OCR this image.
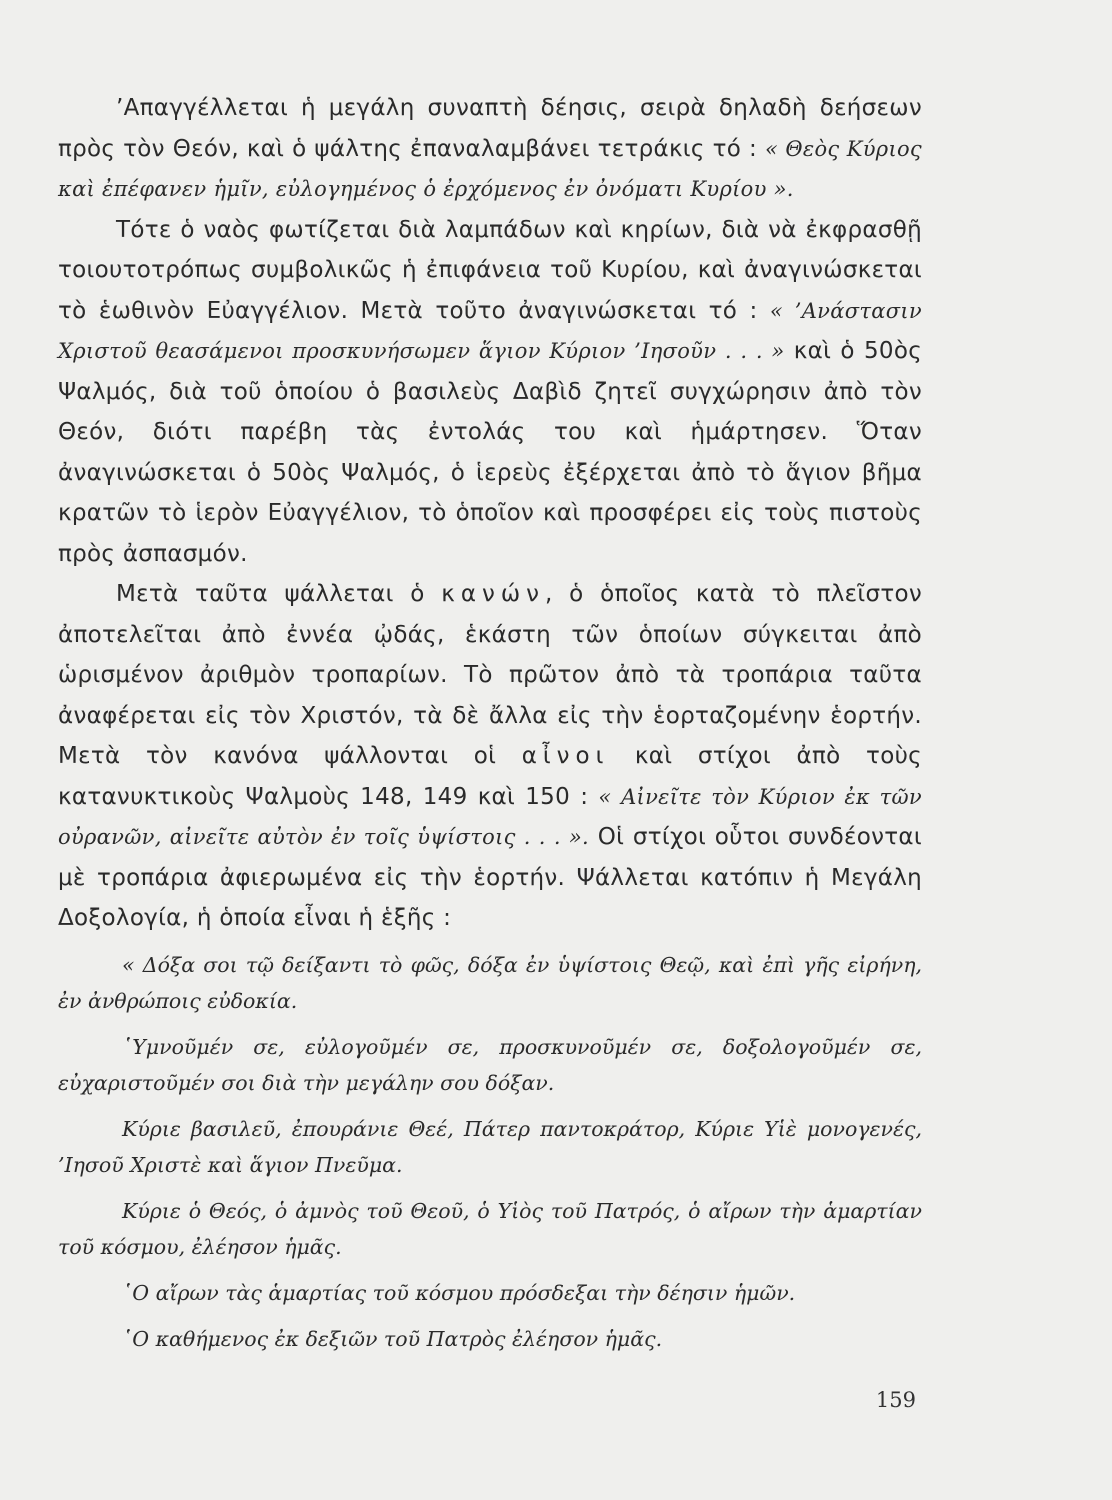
’Απαγγέλλεται ἡ μεγάλη συναπτὴ δέησις, σειρὰ δηλαδὴ δεήσεων πρὸς τὸν Θεόν, καὶ ὁ ψάλτης ἐπαναλαμβάνει τετράκις τό : « Θεὸς Κύριος καὶ ἐπέφανεν ἡμῖν, εὐλογημένος ὁ ἐρχόμενος ἐν ὀνόματι Κυρίου ».

Τότε ὁ ναὸς φωτίζεται διὰ λαμπάδων καὶ κηρίων, διὰ νὰ ἐκφρασθῇ τοιουτοτρόπως συμβολικῶς ἡ ἐπιφάνεια τοῦ Κυρίου, καὶ ἀναγινώσκεται τὸ ἑωθινὸν Εὐαγγέλιον. Μετὰ τοῦτο ἀναγινώσκεται τό : « ’Ανάστασιν Χριστοῦ θεασάμενοι προσκυνήσωμεν ἅγιον Κύριον ’Ιησοῦν . . . » καὶ ὁ 50ὸς Ψαλμός, διὰ τοῦ ὁποίου ὁ βασιλεὺς Δαβὶδ ζητεῖ συγχώρησιν ἀπὸ τὸν Θεόν, διότι παρέβη τὰς ἐντολάς του καὶ ἡμάρτησεν. Ὅταν ἀναγινώσκεται ὁ 50ὸς Ψαλμός, ὁ ἱερεὺς ἐξέρχεται ἀπὸ τὸ ἅγιον βῆμα κρατῶν τὸ ἱερὸν Εὐαγγέλιον, τὸ ὁποῖον καὶ προσφέρει εἰς τοὺς πιστοὺς πρὸς ἀσπασμόν.

Μετὰ ταῦτα ψάλλεται ὁ κανών, ὁ ὁποῖος κατὰ τὸ πλεῖστον ἀποτελεῖται ἀπὸ ἐννέα ᾠδάς, ἑκάστη τῶν ὁποίων σύγκειται ἀπὸ ὡρισμένον ἀριθμὸν τροπαρίων. Τὸ πρῶτον ἀπὸ τὰ τροπάρια ταῦτα ἀναφέρεται εἰς τὸν Χριστόν, τὰ δὲ ἄλλα εἰς τὴν ἑορταζομένην ἑορτήν. Μετὰ τὸν κανόνα ψάλλονται οἱ αἶνοι καὶ στίχοι ἀπὸ τοὺς κατανυκτικοὺς Ψαλμοὺς 148, 149 καὶ 150 : « Αἰνεῖτε τὸν Κύριον ἐκ τῶν οὐρανῶν, αἰνεῖτε αὐτὸν ἐν τοῖς ὑψίστοις . . . ». Οἱ στίχοι οὗτοι συνδέονται μὲ τροπάρια ἀφιερωμένα εἰς τὴν ἑορτήν. Ψάλλεται κατόπιν ἡ Μεγάλη Δοξολογία, ἡ ὁποία εἶναι ἡ ἑξῆς :

« Δόξα σοι τῷ δείξαντι τὸ φῶς, δόξα ἐν ὑψίστοις Θεῷ, καὶ ἐπὶ γῆς εἰρήνη, ἐν ἀνθρώποις εὐδοκία.

῾Υμνοῦμέν σε, εὐλογοῦμέν σε, προσκυνοῦμέν σε, δοξολογοῦμέν σε, εὐχαριστοῦμέν σοι διὰ τὴν μεγάλην σου δόξαν.

Κύριε βασιλεῦ, ἐπουράνιε Θεέ, Πάτερ παντοκράτορ, Κύριε Υἱὲ μονογενές, ’Ιησοῦ Χριστὲ καὶ ἅγιον Πνεῦμα.

Κύριε ὁ Θεός, ὁ ἀμνὸς τοῦ Θεοῦ, ὁ Υἱὸς τοῦ Πατρός, ὁ αἴρων τὴν ἁμαρτίαν τοῦ κόσμου, ἐλέησον ἡμᾶς.

῾Ο αἴρων τὰς ἁμαρτίας τοῦ κόσμου πρόσδεξαι τὴν δέησιν ἡμῶν.

῾Ο καθήμενος ἐκ δεξιῶν τοῦ Πατρὸς ἐλέησον ἡμᾶς.

159
